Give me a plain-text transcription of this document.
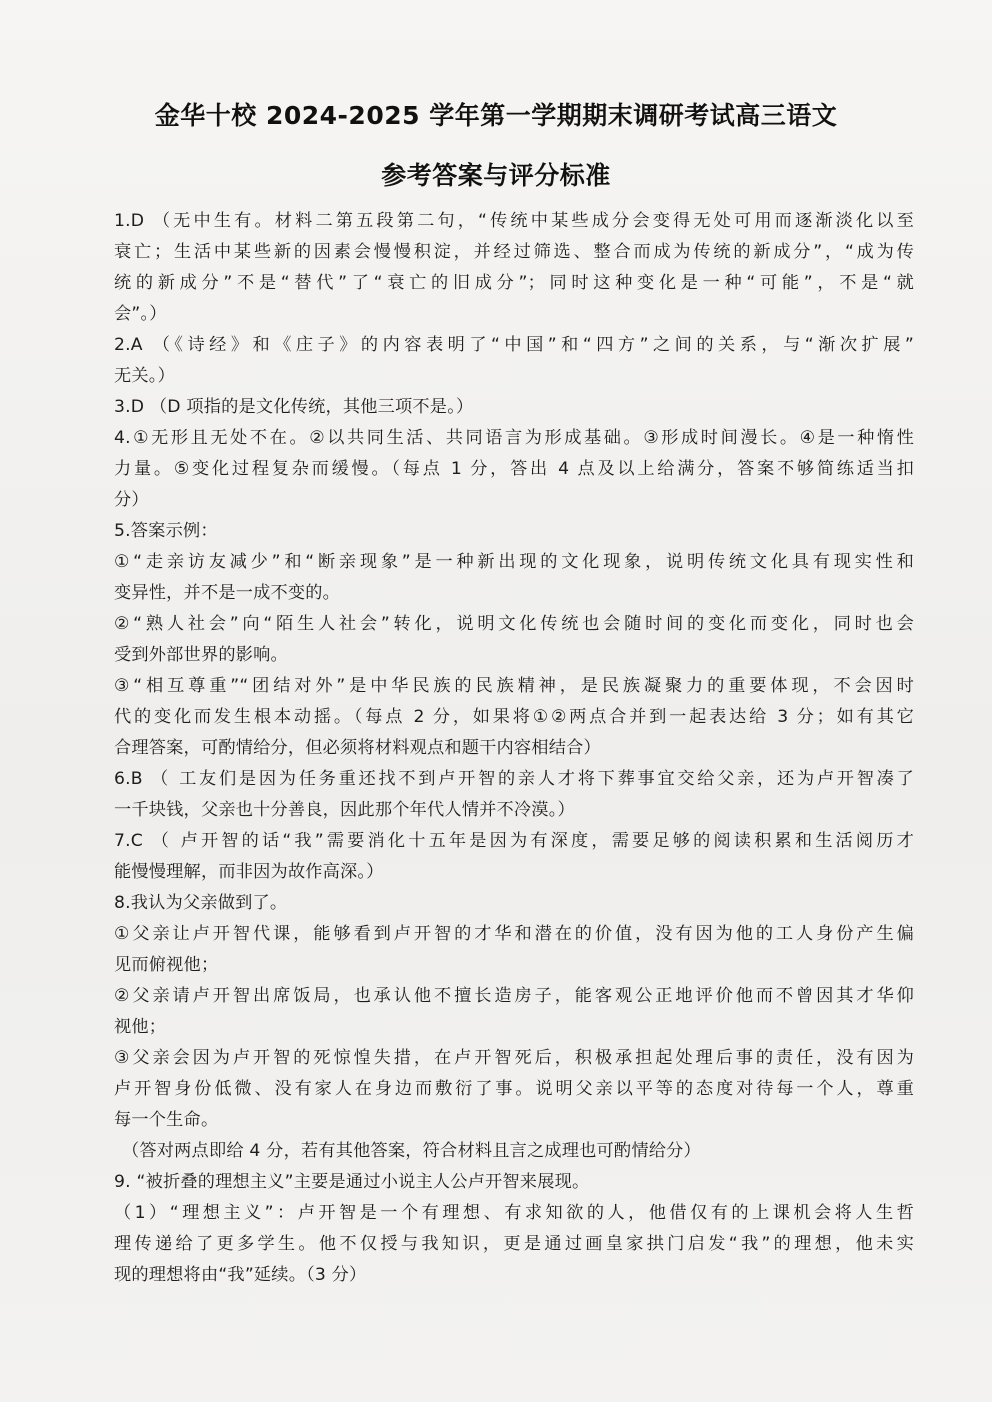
金华十校 2024-2025 学年第一学期期末调研考试高三语文
参考答案与评分标准
1.D （无中生有。材料二第五段第二句，“传统中某些成分会变得无处可用而逐渐淡化以至
衰亡；生活中某些新的因素会慢慢积淀，并经过筛选、整合而成为传统的新成分”，“成为传
统的新成分”不是“替代”了“衰亡的旧成分”；同时这种变化是一种“可能”，不是“就
会”。）
2.A （《诗经》和《庄子》的内容表明了“中国”和“四方”之间的关系，与“渐次扩展”
无关。）
3.D （D 项指的是文化传统，其他三项不是。）
4.①无形且无处不在。②以共同生活、共同语言为形成基础。③形成时间漫长。④是一种惰性
力量。⑤变化过程复杂而缓慢。（每点 1 分，答出 4 点及以上给满分，答案不够简练适当扣
分）
5.答案示例：
①“走亲访友减少”和“断亲现象”是一种新出现的文化现象，说明传统文化具有现实性和
变异性，并不是一成不变的。
②“熟人社会”向“陌生人社会”转化，说明文化传统也会随时间的变化而变化，同时也会
受到外部世界的影响。
③“相互尊重”“团结对外”是中华民族的民族精神，是民族凝聚力的重要体现，不会因时
代的变化而发生根本动摇。（每点 2 分，如果将①②两点合并到一起表达给 3 分；如有其它
合理答案，可酌情给分，但必须将材料观点和题干内容相结合）
6.B （ 工友们是因为任务重还找不到卢开智的亲人才将下葬事宜交给父亲，还为卢开智凑了
一千块钱，父亲也十分善良，因此那个年代人情并不冷漠。）
7.C （ 卢开智的话“我”需要消化十五年是因为有深度，需要足够的阅读积累和生活阅历才
能慢慢理解，而非因为故作高深。）
8.我认为父亲做到了。
①父亲让卢开智代课，能够看到卢开智的才华和潜在的价值，没有因为他的工人身份产生偏
见而俯视他；
②父亲请卢开智出席饭局，也承认他不擅长造房子，能客观公正地评价他而不曾因其才华仰
视他；
③父亲会因为卢开智的死惊惶失措，在卢开智死后，积极承担起处理后事的责任，没有因为
卢开智身份低微、没有家人在身边而敷衍了事。说明父亲以平等的态度对待每一个人，尊重
每一个生命。
（答对两点即给 4 分，若有其他答案，符合材料且言之成理也可酌情给分）
9. “被折叠的理想主义”主要是通过小说主人公卢开智来展现。
（1）“理想主义”：卢开智是一个有理想、有求知欲的人，他借仅有的上课机会将人生哲
理传递给了更多学生。他不仅授与我知识，更是通过画皇家拱门启发“我”的理想，他未实
现的理想将由“我”延续。（3 分）
